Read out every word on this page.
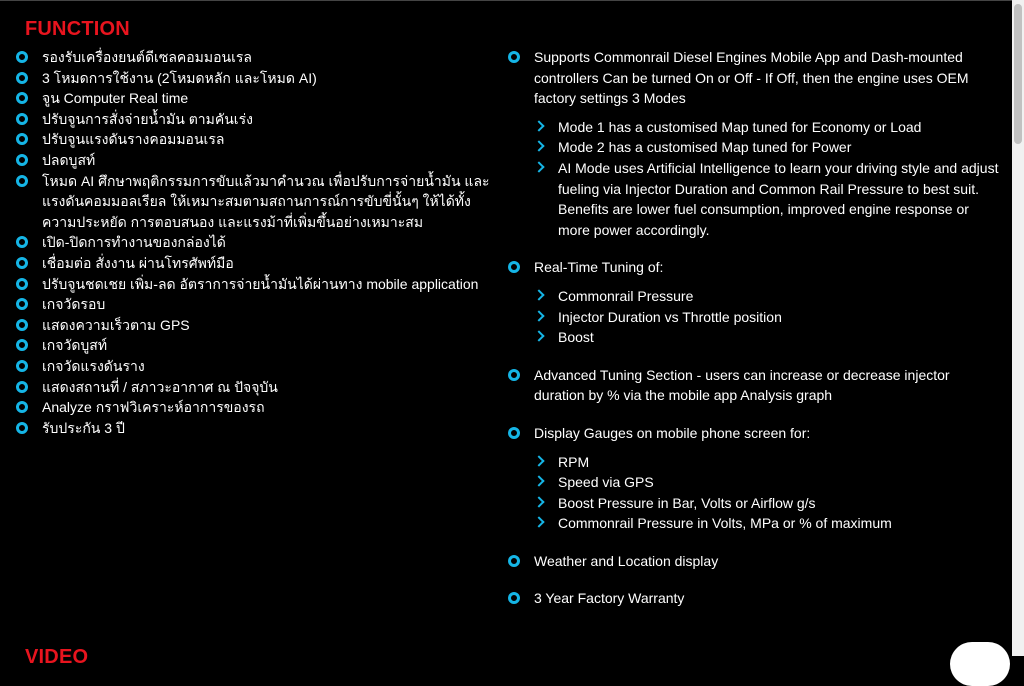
FUNCTION
รองรับเครื่องยนต์ดีเซลคอมมอนเรล
3 โหมดการใช้งาน (2โหมดหลัก และโหมด AI)
จูน Computer Real time
ปรับจูนการสั่งจ่ายน้ำมัน ตามคันเร่ง
ปรับจูนแรงดันรางคอมมอนเรล
ปลดบูสท์
โหมด AI ศึกษาพฤติกรรมการขับแล้วมาคำนวณ เพื่อปรับการจ่ายน้ำมัน และแรงดันคอมมอลเรียล ให้เหมาะสมตามสถานการณ์การขับขี่นั้นๆ ให้ได้ทั้งความประหยัด การตอบสนอง และแรงม้าที่เพิ่มขึ้นอย่างเหมาะสม
เปิด-ปิดการทำงานของกล่องได้
เชื่อมต่อ สั่งงาน ผ่านโทรศัพท์มือ
ปรับจูนชดเชย เพิ่ม-ลด อัตราการจ่ายน้ำมันได้ผ่านทาง mobile application
เกจวัดรอบ
แสดงความเร็วตาม GPS
เกจวัดบูสท์
เกจวัดแรงดันราง
แสดงสถานที่ / สภาวะอากาศ ณ ปัจจุบัน
Analyze กราฟวิเคราะห์อาการของรถ
รับประกัน 3 ปี
Supports Commonrail Diesel Engines Mobile App and Dash-mounted controllers Can be turned On or Off - If Off, then the engine uses OEM factory settings 3 Modes
Mode 1 has a customised Map tuned for Economy or Load
Mode 2 has a customised Map tuned for Power
AI Mode uses Artificial Intelligence to learn your driving style and adjust fueling via Injector Duration and Common Rail Pressure to best suit. Benefits are lower fuel consumption, improved engine response or more power accordingly.
Real-Time Tuning of:
Commonrail Pressure
Injector Duration vs Throttle position
Boost
Advanced Tuning Section - users can increase or decrease injector duration by % via the mobile app Analysis graph
Display Gauges on mobile phone screen for:
RPM
Speed via GPS
Boost Pressure in Bar, Volts or Airflow g/s
Commonrail Pressure in Volts, MPa or % of maximum
Weather and Location display
3 Year Factory Warranty
VIDEO
